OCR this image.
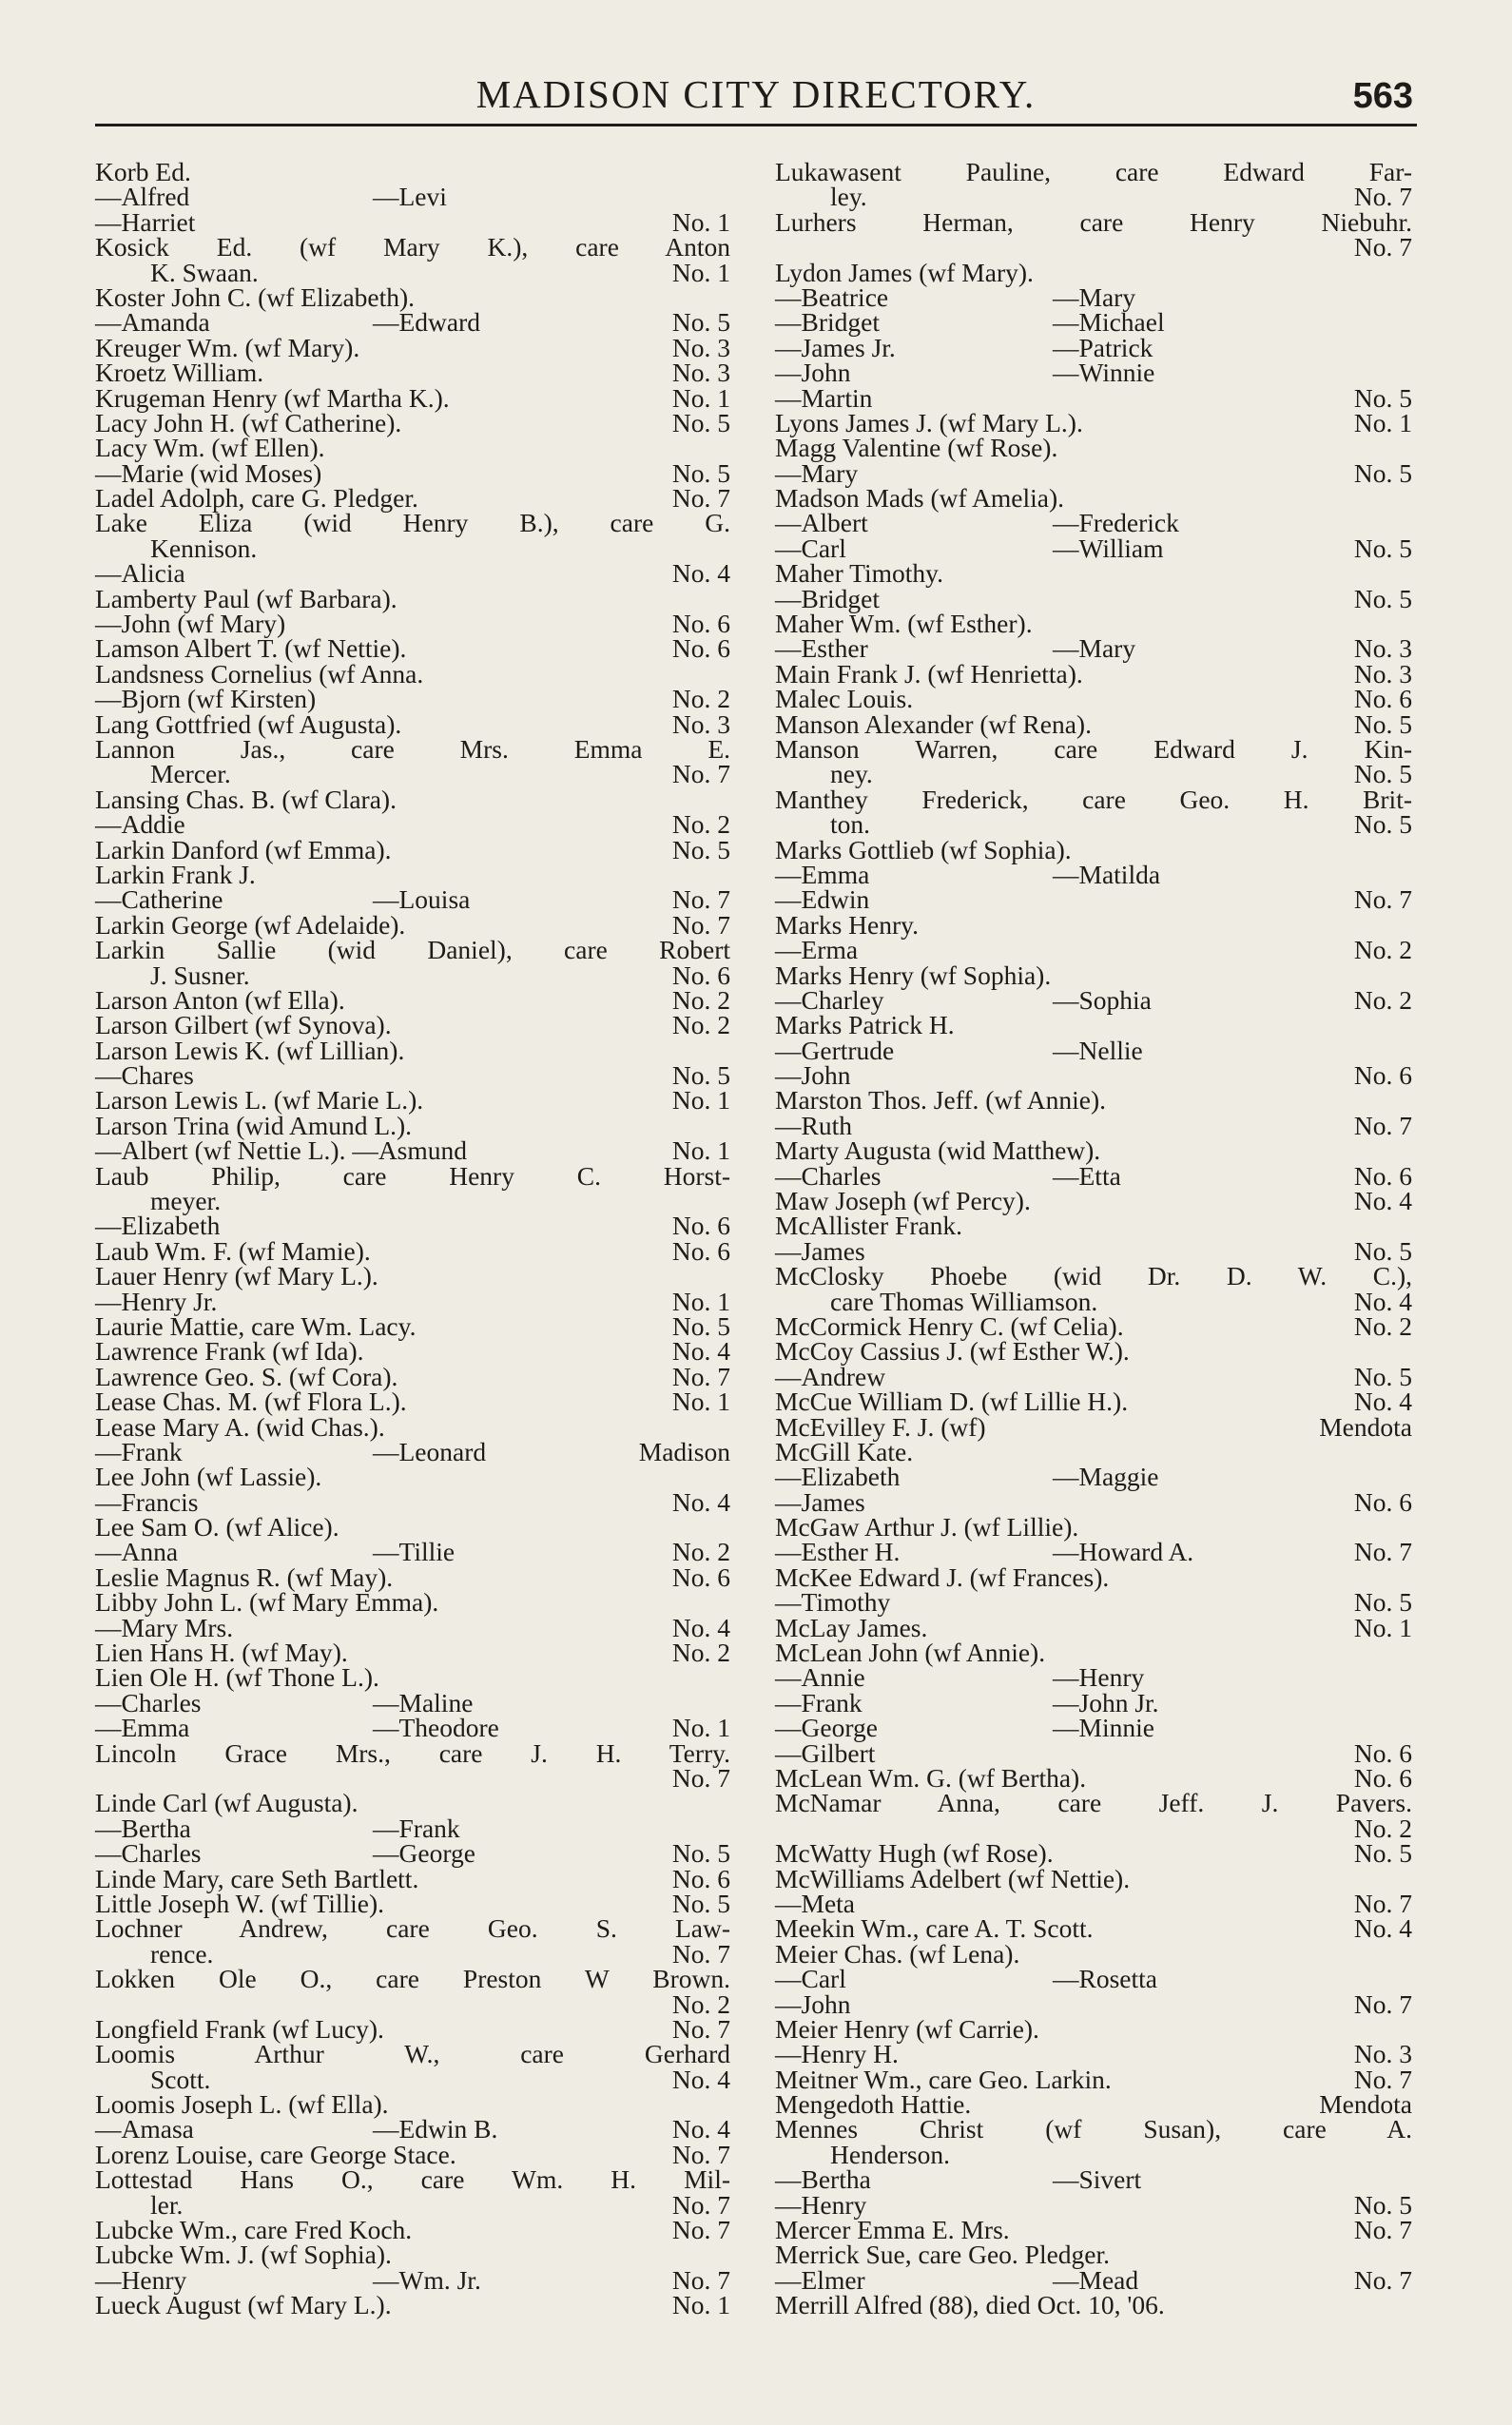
MADISON CITY DIRECTORY.	563
Korb Ed.
—Alfred	—Levi
—Harriet	No. 1
Kosick Ed. (wf Mary K.), care Anton
K. Swaan.	No. 1
Koster John C. (wf Elizabeth).
—Amanda	—Edward	No. 5
Kreuger Wm. (wf Mary).	No. 3
Kroetz William.	No. 3
Krugeman Henry (wf Martha K.).	No. 1
Lacy John H. (wf Catherine).	No. 5
Lacy Wm. (wf Ellen).
—Marie (wid Moses)	No. 5
Ladel Adolph, care G. Pledger.	No. 7
Lake Eliza (wid Henry B.), care G.
Kennison.
—Alicia	No. 4
Lamberty Paul (wf Barbara).
—John (wf Mary)	No. 6
Lamson Albert T. (wf Nettie).	No. 6
Landsness Cornelius (wf Anna.
—Bjorn (wf Kirsten)	No. 2
Lang Gottfried (wf Augusta).	No. 3
Lannon Jas., care Mrs. Emma E.
Mercer.	No. 7
Lansing Chas. B. (wf Clara).
—Addie	No. 2
Larkin Danford (wf Emma).	No. 5
Larkin Frank J.
—Catherine	—Louisa	No. 7
Larkin George (wf Adelaide).	No. 7
Larkin Sallie (wid Daniel), care Robert
J. Susner.	No. 6
Larson Anton (wf Ella).	No. 2
Larson Gilbert (wf Synova).	No. 2
Larson Lewis K. (wf Lillian).
—Chares	No. 5
Larson Lewis L. (wf Marie L.).	No. 1
Larson Trina (wid Amund L.).
—Albert (wf Nettie L.). —Asmund	No. 1
Laub Philip, care Henry C. Horst-
meyer.
—Elizabeth	No. 6
Laub Wm. F. (wf Mamie).	No. 6
Lauer Henry (wf Mary L.).
—Henry Jr.	No. 1
Laurie Mattie, care Wm. Lacy.	No. 5
Lawrence Frank (wf Ida).	No. 4
Lawrence Geo. S. (wf Cora).	No. 7
Lease Chas. M. (wf Flora L.).	No. 1
Lease Mary A. (wid Chas.).
—Frank	—Leonard	Madison
Lee John (wf Lassie).
—Francis	No. 4
Lee Sam O. (wf Alice).
—Anna	—Tillie	No. 2
Leslie Magnus R. (wf May).	No. 6
Libby John L. (wf Mary Emma).
—Mary Mrs.	No. 4
Lien Hans H. (wf May).	No. 2
Lien Ole H. (wf Thone L.).
—Charles	—Maline
—Emma	—Theodore	No. 1
Lincoln Grace Mrs., care J. H. Terry.
No. 7
Linde Carl (wf Augusta).
—Bertha	—Frank
—Charles	—George	No. 5
Linde Mary, care Seth Bartlett.	No. 6
Little Joseph W. (wf Tillie).	No. 5
Lochner Andrew, care Geo. S. Law-
rence.	No. 7
Lokken Ole O., care Preston W Brown.
No. 2
Longfield Frank (wf Lucy).	No. 7
Loomis Arthur W., care Gerhard
Scott.	No. 4
Loomis Joseph L. (wf Ella).
—Amasa	—Edwin B.	No. 4
Lorenz Louise, care George Stace.	No. 7
Lottestad Hans O., care Wm. H. Mil-
ler.	No. 7
Lubcke Wm., care Fred Koch.	No. 7
Lubcke Wm. J. (wf Sophia).
—Henry	—Wm. Jr.	No. 7
Lueck August (wf Mary L.).	No. 1
Lukawasent Pauline, care Edward Far-
ley.	No. 7
Lurhers Herman, care Henry Niebuhr.
No. 7
Lydon James (wf Mary).
—Beatrice	—Mary
—Bridget	—Michael
—James Jr.	—Patrick
—John	—Winnie
—Martin	No. 5
Lyons James J. (wf Mary L.).	No. 1
Magg Valentine (wf Rose).
—Mary	No. 5
Madson Mads (wf Amelia).
—Albert	—Frederick
—Carl	—William	No. 5
Maher Timothy.
—Bridget	No. 5
Maher Wm. (wf Esther).
—Esther	—Mary	No. 3
Main Frank J. (wf Henrietta).	No. 3
Malec Louis.	No. 6
Manson Alexander (wf Rena).	No. 5
Manson Warren, care Edward J. Kin-
ney.	No. 5
Manthey Frederick, care Geo. H. Brit-
ton.	No. 5
Marks Gottlieb (wf Sophia).
—Emma	—Matilda
—Edwin	No. 7
Marks Henry.
—Erma	No. 2
Marks Henry (wf Sophia).
—Charley	—Sophia	No. 2
Marks Patrick H.
—Gertrude	—Nellie
—John	No. 6
Marston Thos. Jeff. (wf Annie).
—Ruth	No. 7
Marty Augusta (wid Matthew).
—Charles	—Etta	No. 6
Maw Joseph (wf Percy).	No. 4
McAllister Frank.
—James	No. 5
McClosky Phoebe (wid Dr. D. W. C.),
care Thomas Williamson.	No. 4
McCormick Henry C. (wf Celia).	No. 2
McCoy Cassius J. (wf Esther W.).
—Andrew	No. 5
McCue William D. (wf Lillie H.).	No. 4
McEvilley F. J. (wf)	Mendota
McGill Kate.
—Elizabeth	—Maggie
—James	No. 6
McGaw Arthur J. (wf Lillie).
—Esther H.	—Howard A.	No. 7
McKee Edward J. (wf Frances).
—Timothy	No. 5
McLay James.	No. 1
McLean John (wf Annie).
—Annie	—Henry
—Frank	—John Jr.
—George	—Minnie
—Gilbert	No. 6
McLean Wm. G. (wf Bertha).	No. 6
McNamar Anna, care Jeff. J. Pavers.
No. 2
McWatty Hugh (wf Rose).	No. 5
McWilliams Adelbert (wf Nettie).
—Meta	No. 7
Meekin Wm., care A. T. Scott.	No. 4
Meier Chas. (wf Lena).
—Carl	—Rosetta
—John	No. 7
Meier Henry (wf Carrie).
—Henry H.	No. 3
Meitner Wm., care Geo. Larkin.	No. 7
Mengedoth Hattie.	Mendota
Mennes Christ (wf Susan), care A.
Henderson.
—Bertha	—Sivert
—Henry	No. 5
Mercer Emma E. Mrs.	No. 7
Merrick Sue, care Geo. Pledger.
—Elmer	—Mead	No. 7
Merrill Alfred (88), died Oct. 10, '06.
